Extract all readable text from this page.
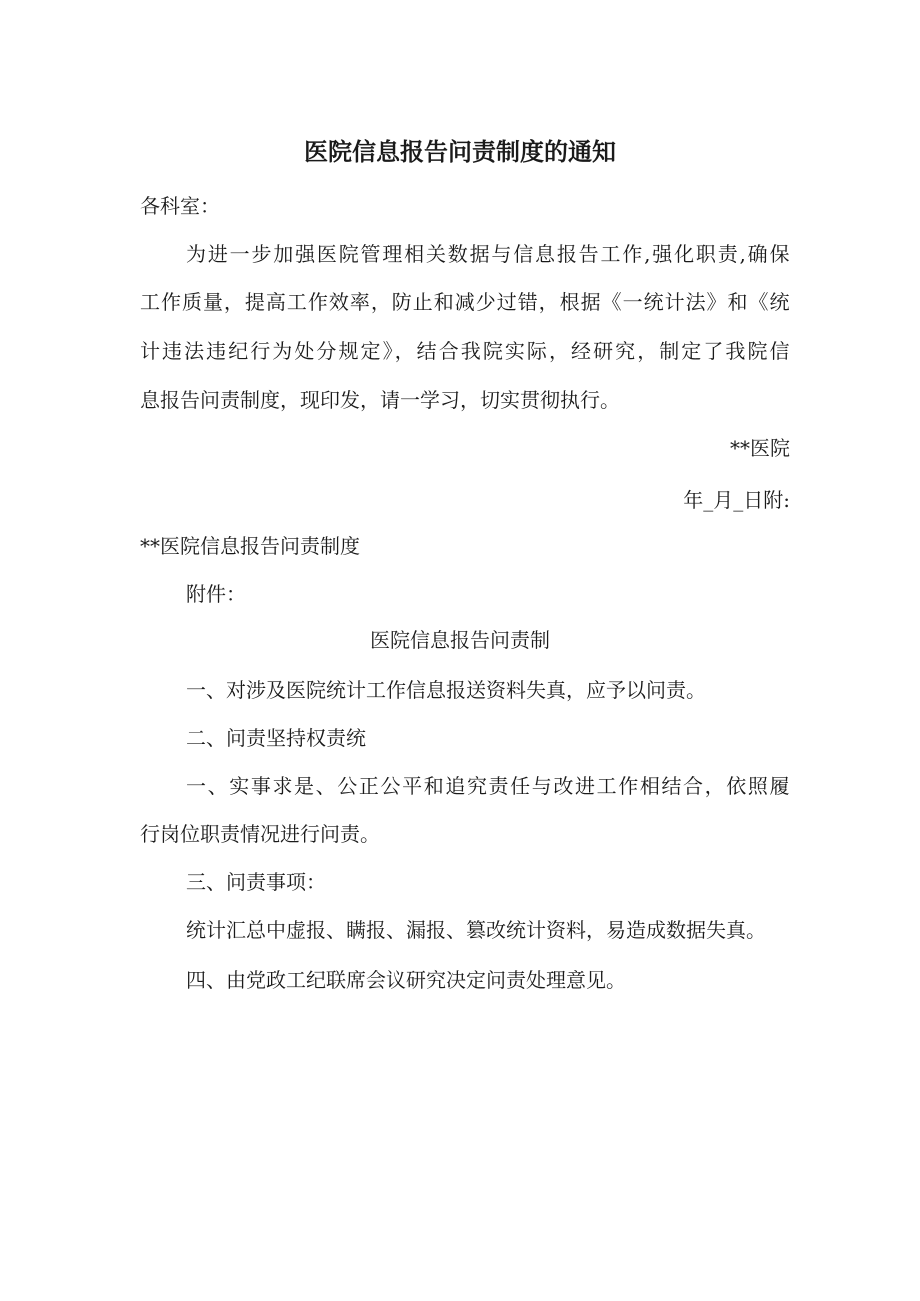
医院信息报告问责制度的通知

各科室：

为进一步加强医院管理相关数据与信息报告工作,强化职责,确保

工作质量，提高工作效率，防止和减少过错，根据《一统计法》和《统

计违法违纪行为处分规定》，结合我院实际，经研究，制定了我院信

息报告问责制度，现印发，请一学习，切实贯彻执行。

**医院

年_月_日附:

**医院信息报告问责制度

附件：

医院信息报告问责制

一、对涉及医院统计工作信息报送资料失真，应予以问责。

二、问责坚持权责统

一、实事求是、公正公平和追究责任与改进工作相结合，依照履

行岗位职责情况进行问责。

三、问责事项：

统计汇总中虚报、瞒报、漏报、篡改统计资料，易造成数据失真。

四、由党政工纪联席会议研究决定问责处理意见。
